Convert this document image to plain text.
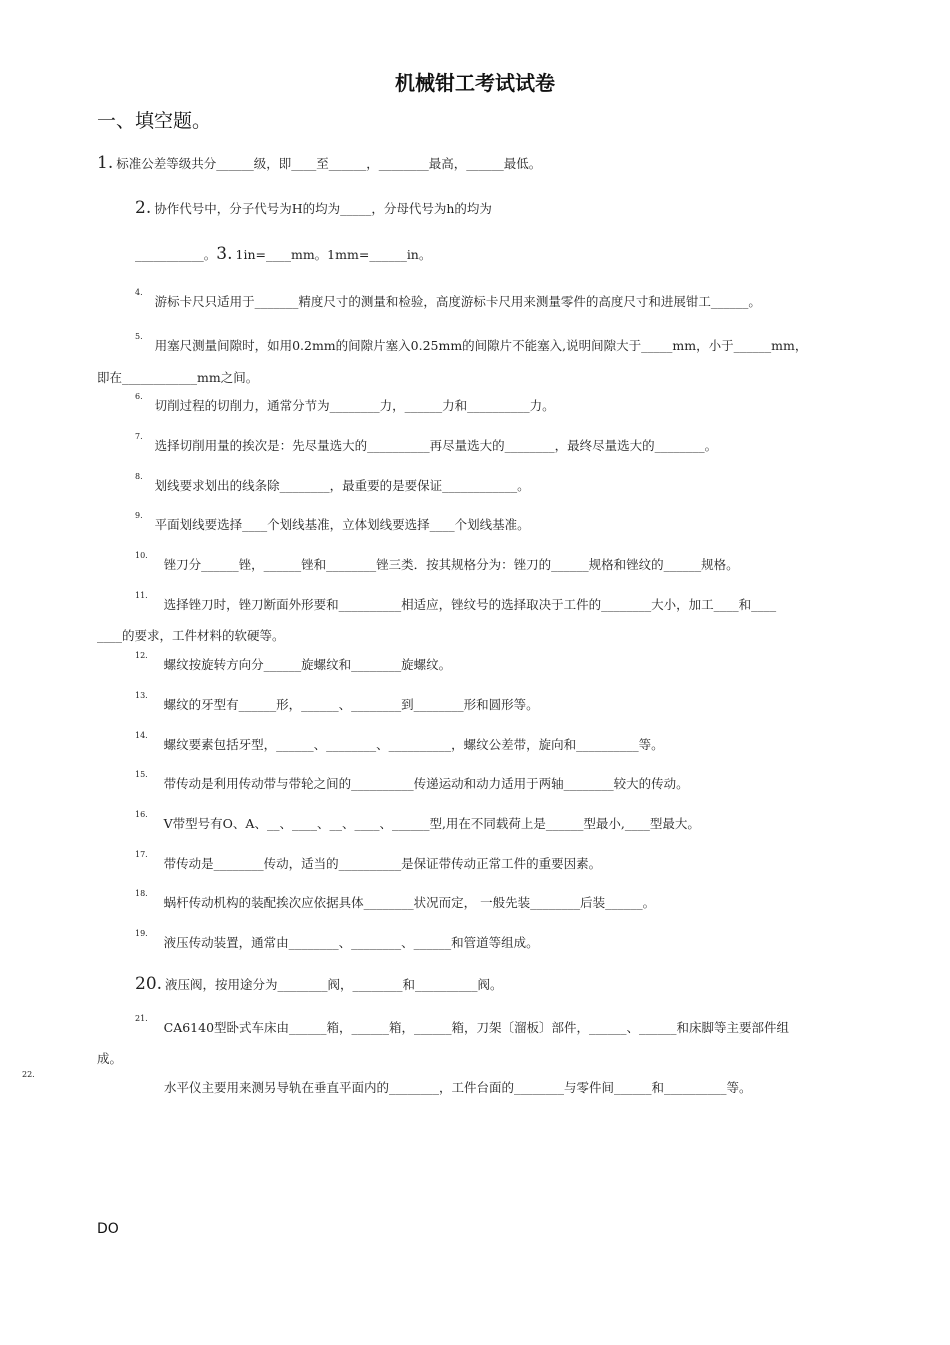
机械钳工考试试卷
一、填空题。
1. 标准公差等级共分______级，即____至______，________最高，______最低。
2. 协作代号中，分子代号为H的均为_____，分母代号为h的均为
___________。3. 1in=____mm。1mm=______in。
$^{4.}$   游标卡尺只适用于_______精度尺寸的测量和检验，高度游标卡尺用来测量零件的高度尺寸和进展钳工______。
$^{5.}$   用塞尺测量间隙时，如用0.2mm的间隙片塞入0.25mm的间隙片不能塞入,说明间隙大于_____mm，小于______mm，
即在____________mm之间。
$^{6.}$   切削过程的切削力，通常分节为________力，______力和__________力。
$^{7.}$   选择切削用量的挨次是：先尽量选大的__________再尽量选大的________，最终尽量选大的________。
$^{8.}$   划线要求划出的线条除________，最重要的是要保证____________。
$^{9.}$   平面划线要选择____个划线基准，立体划线要选择____个划线基准。
$^{10.}$    锉刀分______锉，______锉和________锉三类．按其规格分为：锉刀的______规格和锉纹的______规格。
$^{11.}$    选择锉刀时，锉刀断面外形要和__________相适应，锉纹号的选择取决于工件的________大小，加工____和____
____的要求，工件材料的软硬等。
$^{12.}$    螺纹按旋转方向分______旋螺纹和________旋螺纹。
$^{13.}$    螺纹的牙型有______形，______、________到________形和圆形等。
$^{14.}$    螺纹要素包括牙型，______、________、__________，螺纹公差带，旋向和__________等。
$^{15.}$    带传动是利用传动带与带轮之间的__________传递运动和动力适用于两轴________较大的传动。
$^{16.}$    V带型号有O、A、__、____、__、____、______型,用在不同载荷上是______型最小,____型最大。
$^{17.}$    带传动是________传动，适当的__________是保证带传动正常工件的重要因素。
$^{18.}$    蜗杆传动机构的装配挨次应依据具体________状况而定， 一般先装________后装______。
$^{19.}$    液压传动装置，通常由________、________、______和管道等组成。
20. 液压阀，按用途分为________阀，________和__________阀。
$^{21.}$    CA6140型卧式车床由______箱，______箱，______箱，刀架〔溜板〕部件，______、______和床脚等主要部件组
成。
$^{22.}$
水平仪主要用来测另导轨在垂直平面内的________，工件台面的________与零件间______和__________等。
DO
